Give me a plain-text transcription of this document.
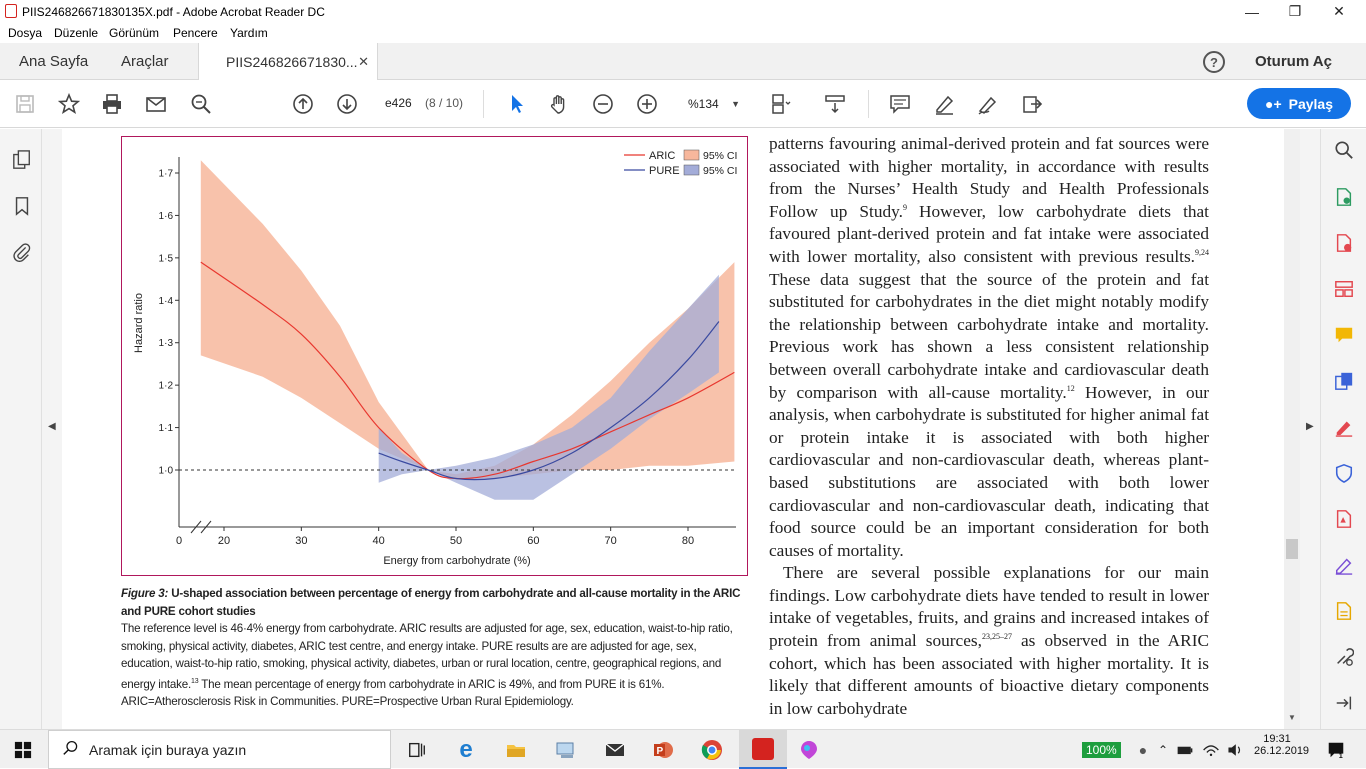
PIIS246826671830135X.pdf - Adobe Acrobat Reader DC	—	❐	✕
Dosya Düzenle Görünüm Pencere Yardım
Ana Sayfa Araçlar	PIIS246826671830... ✕	?	Oturum Aç
e426 (8 / 10)	%134 ▼	●+ Paylaş
◀
1·0
1·1
1·2
1·3
1·4
1·5
1·6
1·7
0	20	30	40	50	60	70	80
Energy from carbohydrate (%)
Hazard ratio
ARIC	95% CI
PURE 95% CI
Figure 3: U-shaped association between percentage of energy from carbohydrate and all-cause mortality in the ARIC and PURE cohort studies
The reference level is 46·4% energy from carbohydrate. ARIC results are adjusted for age, sex, education, waist-to-hip ratio, smoking, physical activity, diabetes, ARIC test centre, and energy intake. PURE results are are adjusted for age, sex, education, waist-to-hip ratio, smoking, physical activity, diabetes, urban or rural location, centre, geographical regions, and energy intake.$^{13}$ The mean percentage of energy from carbohydrate in ARIC is 49%, and from PURE it is 61%. ARIC=Atherosclerosis Risk in Communities. PURE=Prospective Urban Rural Epidemiology.

patterns favouring animal-derived protein and fat sources were associated with higher mortality, in accordance with results from the Nurses’ Health Study and Health Professionals Follow up Study.$^9$ However, low carbohydrate diets that favoured plant-derived protein and fat intake were associated with lower mortality, also consistent with previous results.$^{9,24}$ These data suggest that the source of the protein and fat substituted for carbohydrates in the diet might notably modify the relationship between carbohydrate intake and mortality. Previous work has shown a less consistent relationship between overall carbohydrate intake and cardiovascular death by comparison with all-cause mortality.$^{12}$ However, in our analysis, when carbohydrate is substituted for higher animal fat or protein intake it is associated with both higher cardiovascular and non-cardiovascular death, whereas plant-based substitutions are associated with both lower cardiovascular and non-cardiovascular death, indicating that food source could be an important consideration for both causes of mortality.

There are several possible explanations for our main findings. Low carbohydrate diets have tended to result in lower intake of vegetables, fruits, and grains and increased intakes of protein from animal sources,$^{23,25-27}$ as observed in the ARIC cohort, which has been associated with higher mortality. It is likely that different amounts of bioactive dietary components in low carbohydrate	▼
▶
Aramak için buraya yazın	e	P	100% ● ⌃
19:31
26.12.2019	1
